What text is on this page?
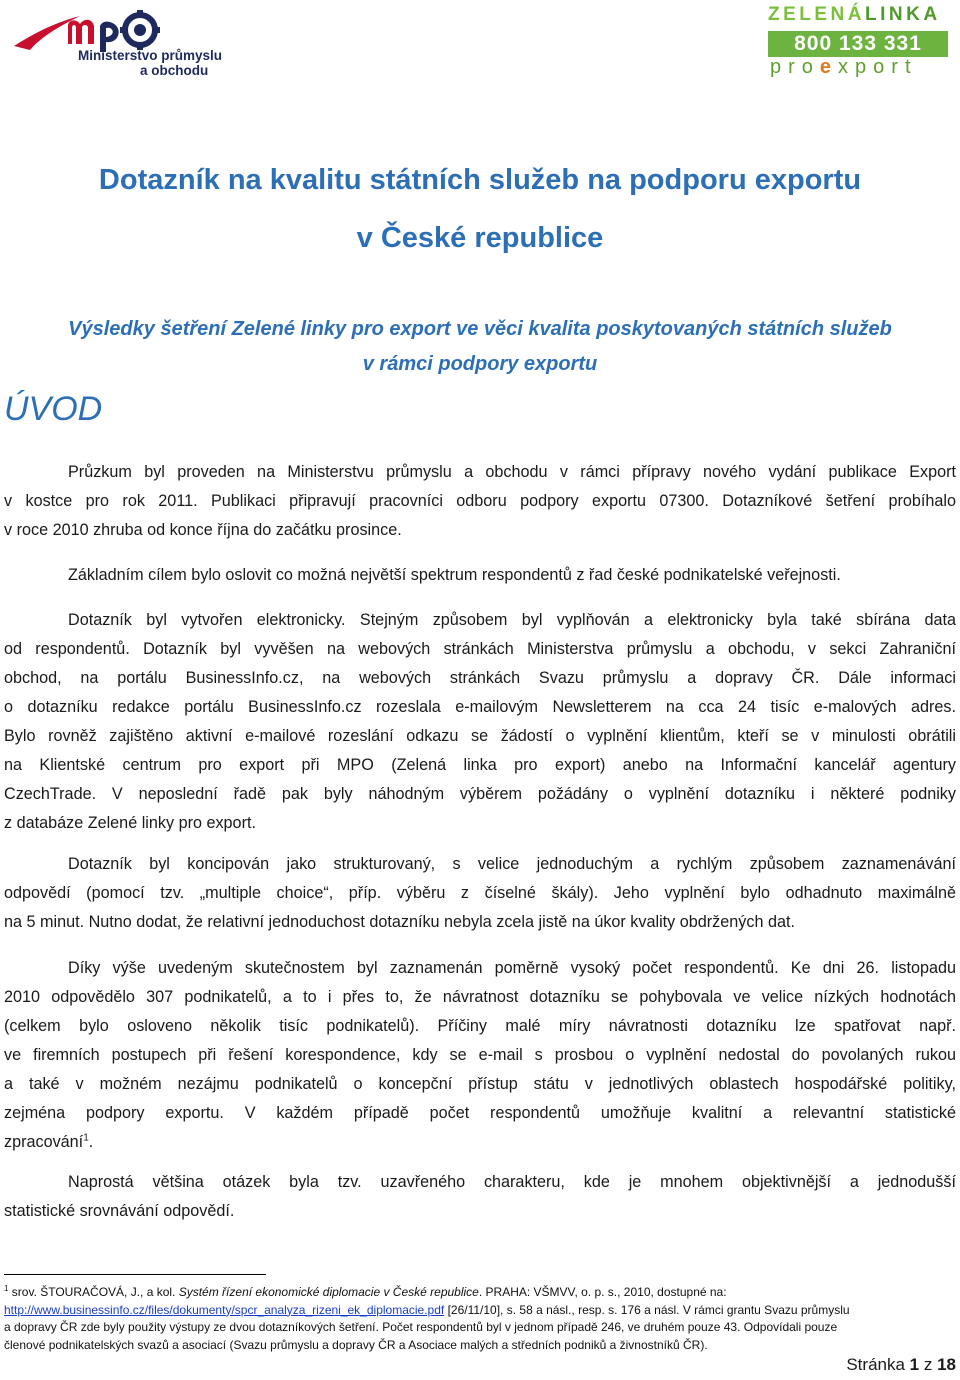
Ministerstvo průmyslu
a obchodu
ZELENÁLINKA
800 133 331
proexport
Dotazník na kvalitu státních služeb na podporu exportu
v České republice
Výsledky šetření Zelené linky pro export ve věci kvalita poskytovaných státních služeb
v rámci podpory exportu
ÚVOD

Průzkum byl proveden na Ministerstvu průmyslu a obchodu v rámci přípravy nového vydání publikace Export
v kostce pro rok 2011. Publikaci připravují pracovníci odboru podpory exportu 07300. Dotazníkové šetření probíhalo
v roce 2010 zhruba od konce října do začátku prosince.

Základním cílem bylo oslovit co možná největší spektrum respondentů z řad české podnikatelské veřejnosti.

Dotazník byl vytvořen elektronicky. Stejným způsobem byl vyplňován a elektronicky byla také sbírána data
od respondentů. Dotazník byl vyvěšen na webových stránkách Ministerstva průmyslu a obchodu, v sekci Zahraniční
obchod, na portálu BusinessInfo.cz, na webových stránkách Svazu průmyslu a dopravy ČR. Dále informaci
o dotazníku redakce portálu BusinessInfo.cz rozeslala e-mailovým Newsletterem na cca 24 tisíc e-malových adres.
Bylo rovněž zajištěno aktivní e-mailové rozeslání odkazu se žádostí o vyplnění klientům, kteří se v minulosti obrátili
na Klientské centrum pro export při MPO (Zelená linka pro export) anebo na Informační kancelář agentury
CzechTrade. V neposlední řadě pak byly náhodným výběrem požádány o vyplnění dotazníku i některé podniky
z databáze Zelené linky pro export.

Dotazník byl koncipován jako strukturovaný, s velice jednoduchým a rychlým způsobem zaznamenávání
odpovědí (pomocí tzv. „multiple choice“, příp. výběru z číselné škály). Jeho vyplnění bylo odhadnuto maximálně
na 5 minut. Nutno dodat, že relativní jednoduchost dotazníku nebyla zcela jistě na úkor kvality obdržených dat.

Díky výše uvedeným skutečnostem byl zaznamenán poměrně vysoký počet respondentů. Ke dni 26. listopadu
2010 odpovědělo 307 podnikatelů, a to i přes to, že návratnost dotazníku se pohybovala ve velice nízkých hodnotách
(celkem bylo osloveno několik tisíc podnikatelů). Příčiny malé míry návratnosti dotazníku lze spatřovat např.
ve firemních postupech při řešení korespondence, kdy se e-mail s prosbou o vyplnění nedostal do povolaných rukou
a také v možném nezájmu podnikatelů o koncepční přístup státu v jednotlivých oblastech hospodářské politiky,
zejména podpory exportu. V každém případě počet respondentů umožňuje kvalitní a relevantní statistické
zpracování$^1$.

Naprostá většina otázek byla tzv. uzavřeného charakteru, kde je mnohem objektivnější a jednodušší
statistické srovnávání odpovědí.

$^1$ srov. ŠTOURAČOVÁ, J., a kol. Systém řízení ekonomické diplomacie v České republice. PRAHA: VŠMVV, o. p. s., 2010, dostupné na:
http://www.businessinfo.cz/files/dokumenty/spcr_analyza_rizeni_ek_diplomacie.pdf [26/11/10], s. 58 a násl., resp. s. 176 a násl. V rámci grantu Svazu průmyslu
a dopravy ČR zde byly použity výstupy ze dvou dotazníkových šetření. Počet respondentů byl v jednom případě 246, ve druhém pouze 43. Odpovídali pouze
členové podnikatelských svazů a asociací (Svazu průmyslu a dopravy ČR a Asociace malých a středních podniků a živnostníků ČR).
Stránka 1 z 18
